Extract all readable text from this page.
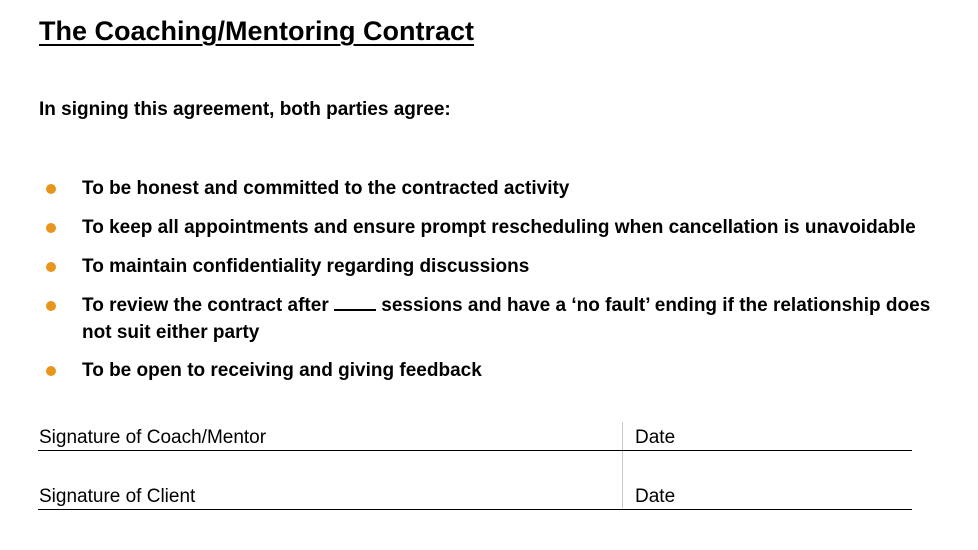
The Coaching/Mentoring Contract

In signing this agreement, both parties agree:

To be honest and committed to the contracted activity
To keep all appointments and ensure prompt rescheduling when cancellation is unavoidable
To maintain confidentiality regarding discussions
To review the contract after  sessions and have a ‘no fault’ ending if the relationship does not suit either party
To be open to receiving and giving feedback
Signature of Coach/Mentor	Date
Signature of Client	Date
